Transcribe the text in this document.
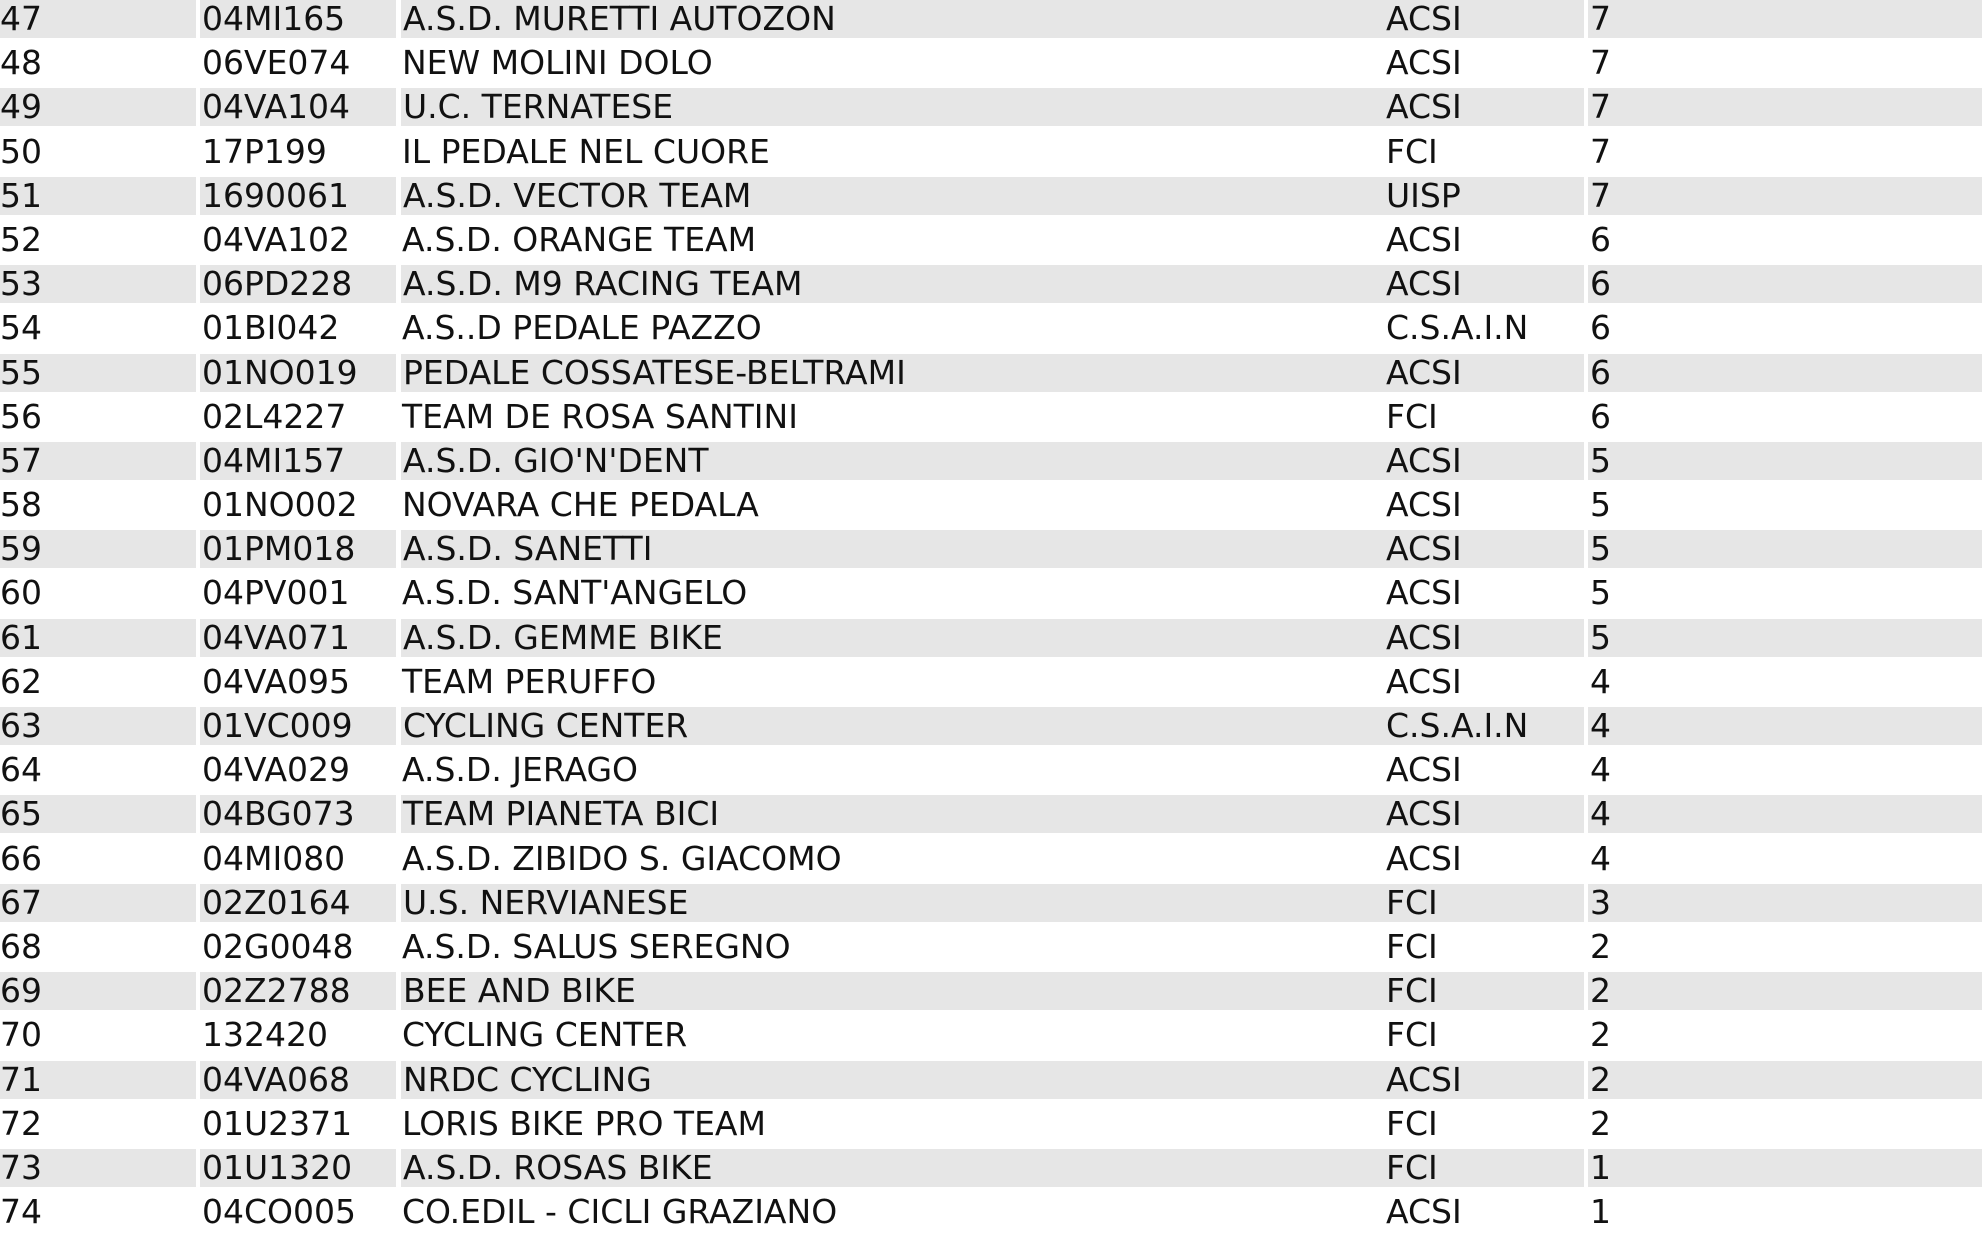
47	04MI165	A.S.D. MURETTI AUTOZON	ACSI	7
48	06VE074	NEW MOLINI DOLO	ACSI	7
49	04VA104	U.C. TERNATESE	ACSI	7
50	17P199	IL PEDALE NEL CUORE	FCI	7
51	1690061	A.S.D. VECTOR TEAM	UISP	7
52	04VA102	A.S.D. ORANGE TEAM	ACSI	6
53	06PD228	A.S.D. M9 RACING TEAM	ACSI	6
54	01BI042	A.S..D PEDALE PAZZO	C.S.A.I.N	6
55	01NO019	PEDALE COSSATESE-BELTRAMI	ACSI	6
56	02L4227	TEAM DE ROSA SANTINI	FCI	6
57	04MI157	A.S.D. GIO'N'DENT	ACSI	5
58	01NO002	NOVARA CHE PEDALA	ACSI	5
59	01PM018	A.S.D. SANETTI	ACSI	5
60	04PV001	A.S.D. SANT'ANGELO	ACSI	5
61	04VA071	A.S.D. GEMME BIKE	ACSI	5
62	04VA095	TEAM PERUFFO	ACSI	4
63	01VC009	CYCLING CENTER	C.S.A.I.N	4
64	04VA029	A.S.D. JERAGO	ACSI	4
65	04BG073	TEAM PIANETA BICI	ACSI	4
66	04MI080	A.S.D. ZIBIDO S. GIACOMO	ACSI	4
67	02Z0164	U.S. NERVIANESE	FCI	3
68	02G0048	A.S.D. SALUS SEREGNO	FCI	2
69	02Z2788	BEE AND BIKE	FCI	2
70	132420	CYCLING CENTER	FCI	2
71	04VA068	NRDC CYCLING	ACSI	2
72	01U2371	LORIS BIKE PRO TEAM	FCI	2
73	01U1320	A.S.D. ROSAS BIKE	FCI	1
74	04CO005	CO.EDIL - CICLI GRAZIANO	ACSI	1
